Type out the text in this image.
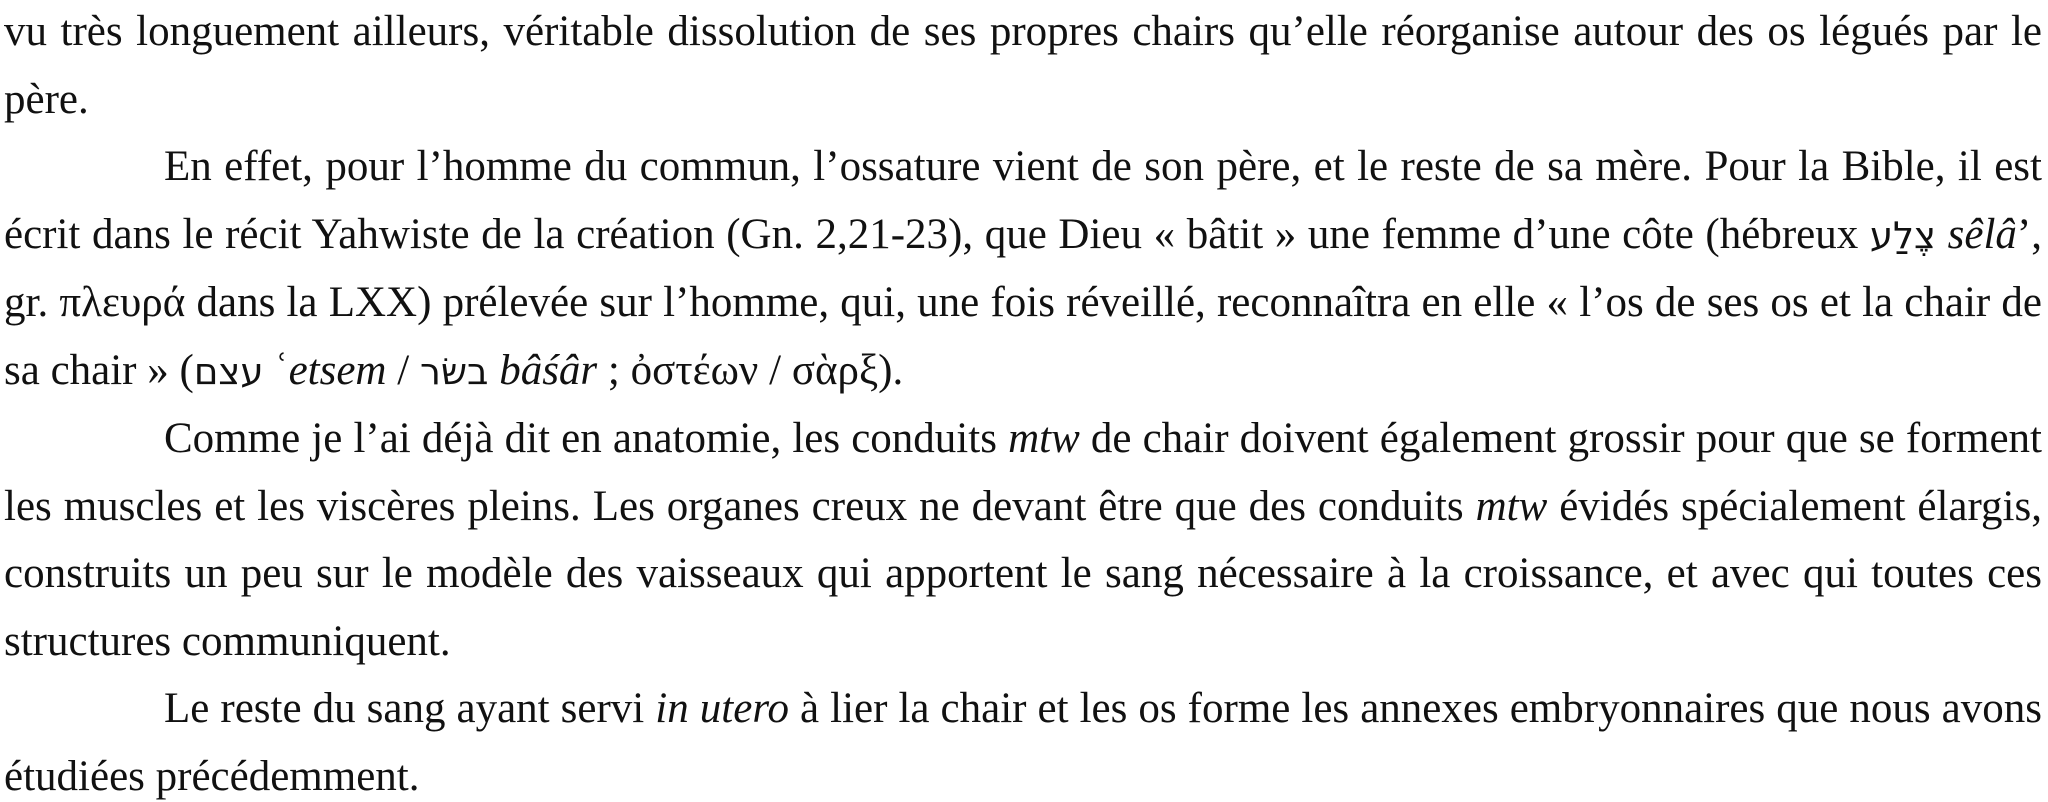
vu très longuement ailleurs, véritable dissolution de ses propres chairs qu’elle réorganise autour des os légués par le père.

En effet, pour l’homme du commun, l’ossature vient de son père, et le reste de sa mère. Pour la Bible, il est écrit dans le récit Yahwiste de la création (Gn. 2,21-23), que Dieu « bâtit » une femme d’une côte (hébreux צֶלַע sêlâ’, gr. πλευρά dans la LXX) prélevée sur l’homme, qui, une fois réveillé, reconnaîtra en elle « l’os de ses os et la chair de sa chair » (עצם ʿetsem / בשׂר bâśâr ; ὀστέων / σὰρξ).

Comme je l’ai déjà dit en anatomie, les conduits mtw de chair doivent également grossir pour que se forment les muscles et les viscères pleins. Les organes creux ne devant être que des conduits mtw évidés spécialement élargis, construits un peu sur le modèle des vaisseaux qui apportent le sang nécessaire à la croissance, et avec qui toutes ces structures communiquent.

Le reste du sang ayant servi in utero à lier la chair et les os forme les annexes embryonnaires que nous avons étudiées précédemment.
